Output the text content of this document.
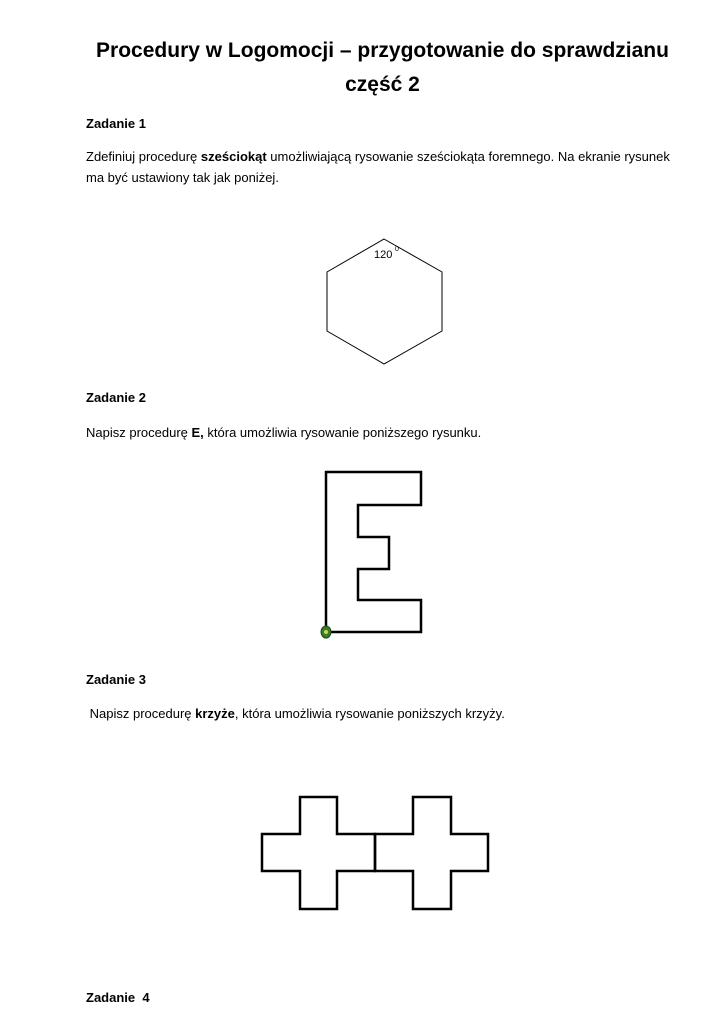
Procedury w Logomocji – przygotowanie do sprawdzianu
część 2
Zadanie 1
Zdefiniuj procedurę sześciokąt umożliwiającą rysowanie sześciokąta foremnego. Na ekranie rysunek ma być ustawiony tak jak poniżej.
Zadanie 2
Napisz procedurę E, która umożliwia rysowanie poniższego rysunku.
Zadanie 3
Napisz procedurę krzyże, która umożliwia rysowanie poniższych krzyży.
Zadanie  4
120 0
